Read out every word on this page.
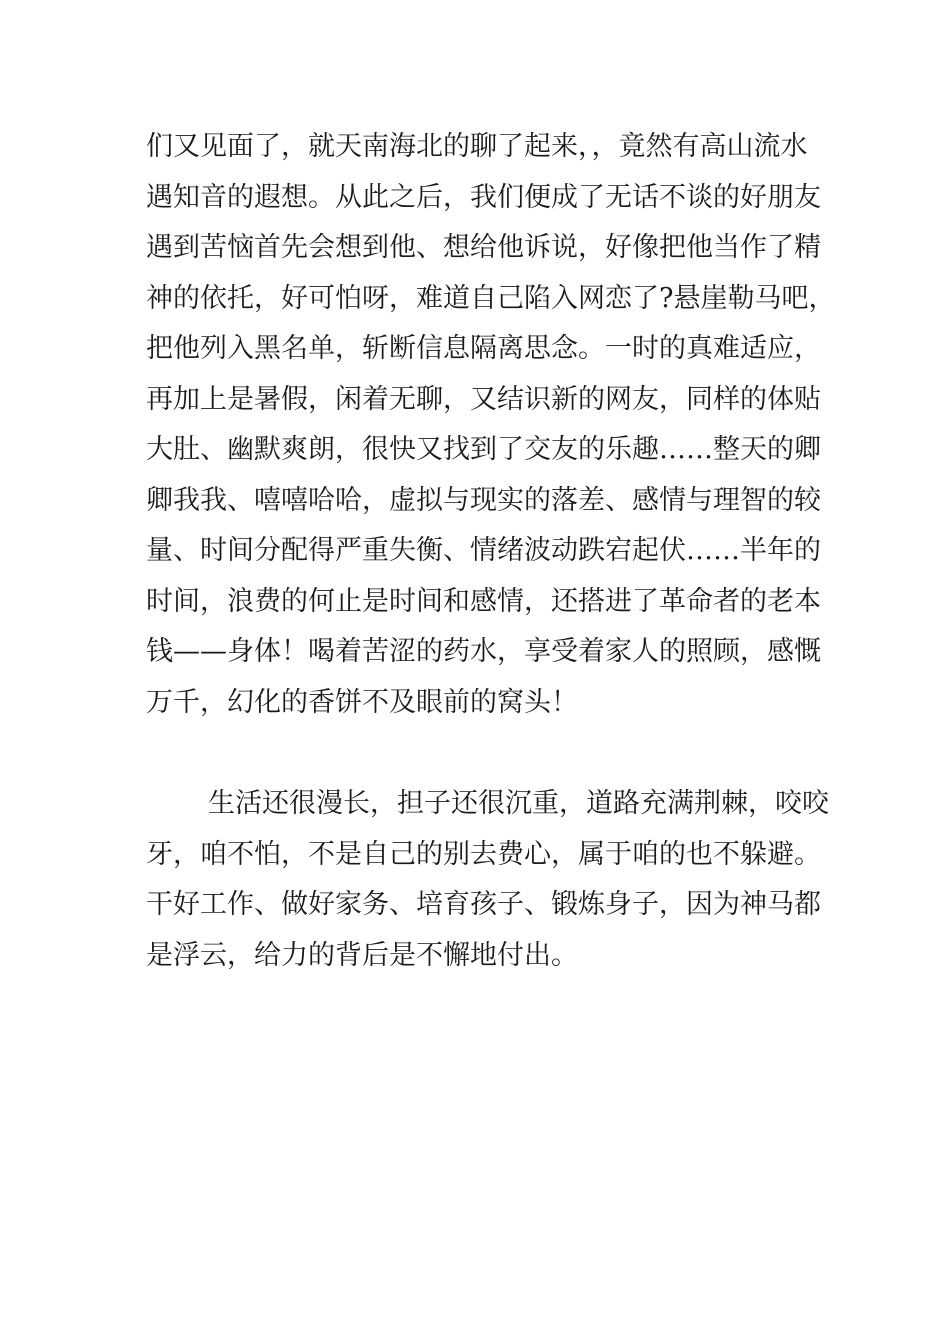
们又见面了，就天南海北的聊了起来，，竟然有高山流水
遇知音的遐想。从此之后，我们便成了无话不谈的好朋友
遇到苦恼首先会想到他、想给他诉说，好像把他当作了精
神的依托，好可怕呀，难道自己陷入网恋了?悬崖勒马吧，
把他列入黑名单，斩断信息隔离思念。一时的真难适应，
再加上是暑假，闲着无聊，又结识新的网友，同样的体贴
大肚、幽默爽朗，很快又找到了交友的乐趣……整天的卿
卿我我、嘻嘻哈哈，虚拟与现实的落差、感情与理智的较
量、时间分配得严重失衡、情绪波动跌宕起伏……半年的
时间，浪费的何止是时间和感情，还搭进了革命者的老本
钱——身体！喝着苦涩的药水，享受着家人的照顾，感慨
万千，幻化的香饼不及眼前的窝头！
生活还很漫长，担子还很沉重，道路充满荆棘，咬咬
牙，咱不怕，不是自己的别去费心，属于咱的也不躲避。
干好工作、做好家务、培育孩子、锻炼身子，因为神马都
是浮云，给力的背后是不懈地付出。
